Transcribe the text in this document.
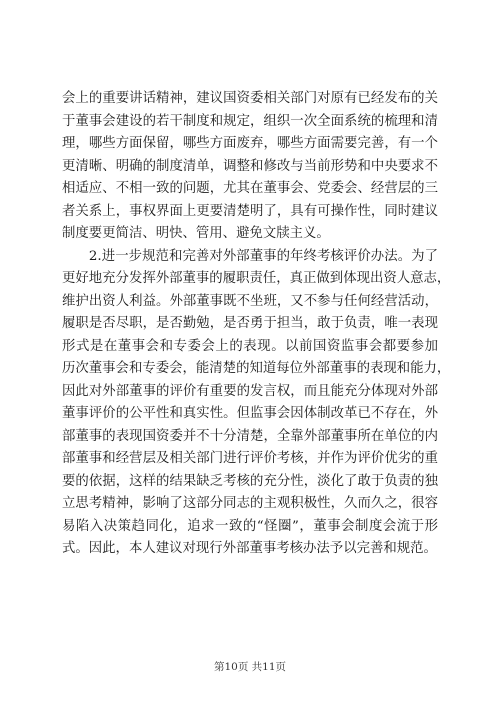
会上的重要讲话精神，建议国资委相关部门对原有已经发布的关
于董事会建设的若干制度和规定，组织一次全面系统的梳理和清
理，哪些方面保留，哪些方面废弃，哪些方面需要完善，有一个
更清晰、明确的制度清单，调整和修改与当前形势和中央要求不
相适应、不相一致的问题，尤其在董事会、党委会、经营层的三
者关系上，事权界面上更要清楚明了，具有可操作性，同时建议
制度要更简洁、明快、管用、避免文牍主义。
　　2.进一步规范和完善对外部董事的年终考核评价办法。为了
更好地充分发挥外部董事的履职责任，真正做到体现出资人意志，
维护出资人利益。外部董事既不坐班，又不参与任何经营活动，
履职是否尽职，是否勤勉，是否勇于担当，敢于负责，唯一表现
形式是在董事会和专委会上的表现。以前国资监事会都要参加
历次董事会和专委会，能清楚的知道每位外部董事的表现和能力，
因此对外部董事的评价有重要的发言权，而且能充分体现对外部
董事评价的公平性和真实性。但监事会因体制改革已不存在，外
部董事的表现国资委并不十分清楚，全靠外部董事所在单位的内
部董事和经营层及相关部门进行评价考核，并作为评价优劣的重
要的依据，这样的结果缺乏考核的充分性，淡化了敢于负责的独
立思考精神，影响了这部分同志的主观积极性，久而久之，很容
易陷入决策趋同化，追求一致的“怪圈”，董事会制度会流于形
式。因此，本人建议对现行外部董事考核办法予以完善和规范。
第10页 共11页
